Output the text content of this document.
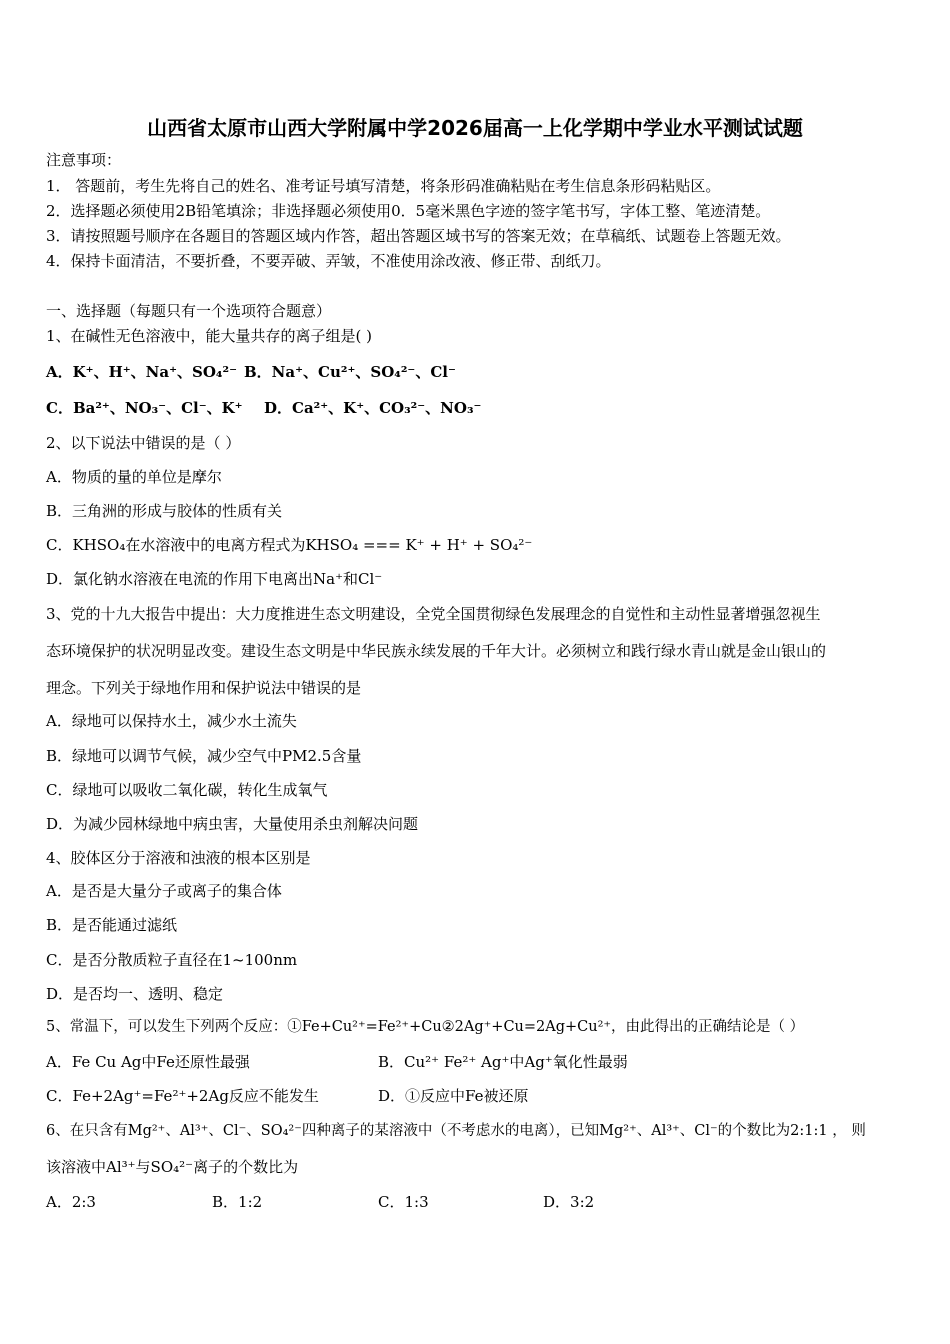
山西省太原市山西大学附属中学2026届高一上化学期中学业水平测试试题
注意事项：
1． 答题前，考生先将自己的姓名、准考证号填写清楚，将条形码准确粘贴在考生信息条形码粘贴区。
2．选择题必须使用2B铅笔填涂；非选择题必须使用0．5毫米黑色字迹的签字笔书写，字体工整、笔迹清楚。
3．请按照题号顺序在各题目的答题区域内作答，超出答题区域书写的答案无效；在草稿纸、试题卷上答题无效。
4．保持卡面清洁，不要折叠，不要弄破、弄皱，不准使用涂改液、修正带、刮纸刀。
一、选择题（每题只有一个选项符合题意）
1、在碱性无色溶液中，能大量共存的离子组是( )
A．K⁺、H⁺、Na⁺、SO₄²⁻ B．Na⁺、Cu²⁺、SO₄²⁻、Cl⁻
C．Ba²⁺、NO₃⁻、Cl⁻、K⁺ D．Ca²⁺、K⁺、CO₃²⁻、NO₃⁻
2、以下说法中错误的是（ ）
A．物质的量的单位是摩尔
B．三角洲的形成与胶体的性质有关
C．KHSO₄在水溶液中的电离方程式为KHSO₄ === K⁺ + H⁺ + SO₄²⁻
D．氯化钠水溶液在电流的作用下电离出Na⁺和Cl⁻
3、党的十九大报告中提出：大力度推进生态文明建设，全党全国贯彻绿色发展理念的自觉性和主动性显著增强忽视生
态环境保护的状况明显改变。建设生态文明是中华民族永续发展的千年大计。必须树立和践行绿水青山就是金山银山的
理念。下列关于绿地作用和保护说法中错误的是
A．绿地可以保持水土，减少水土流失
B．绿地可以调节气候，减少空气中PM2.5含量
C．绿地可以吸收二氧化碳，转化生成氧气
D．为减少园林绿地中病虫害，大量使用杀虫剂解决问题
4、胶体区分于溶液和浊液的根本区别是
A．是否是大量分子或离子的集合体
B．是否能通过滤纸
C．是否分散质粒子直径在1~100nm
D．是否均一、透明、稳定
5、常温下，可以发生下列两个反应：①Fe+Cu²⁺=Fe²⁺+Cu②2Ag⁺+Cu=2Ag+Cu²⁺，由此得出的正确结论是（ ）
A．Fe Cu Ag中Fe还原性最强	B．Cu²⁺ Fe²⁺ Ag⁺中Ag⁺氧化性最弱
C．Fe+2Ag⁺=Fe²⁺+2Ag反应不能发生	D．①反应中Fe被还原
6、在只含有Mg²⁺、Al³⁺、Cl⁻、SO₄²⁻四种离子的某溶液中（不考虑水的电离），已知Mg²⁺、Al³⁺、Cl⁻的个数比为2:1:1 ， 则
该溶液中Al³⁺与SO₄²⁻离子的个数比为
A．2:3	B．1:2	C．1:3	D．3:2
